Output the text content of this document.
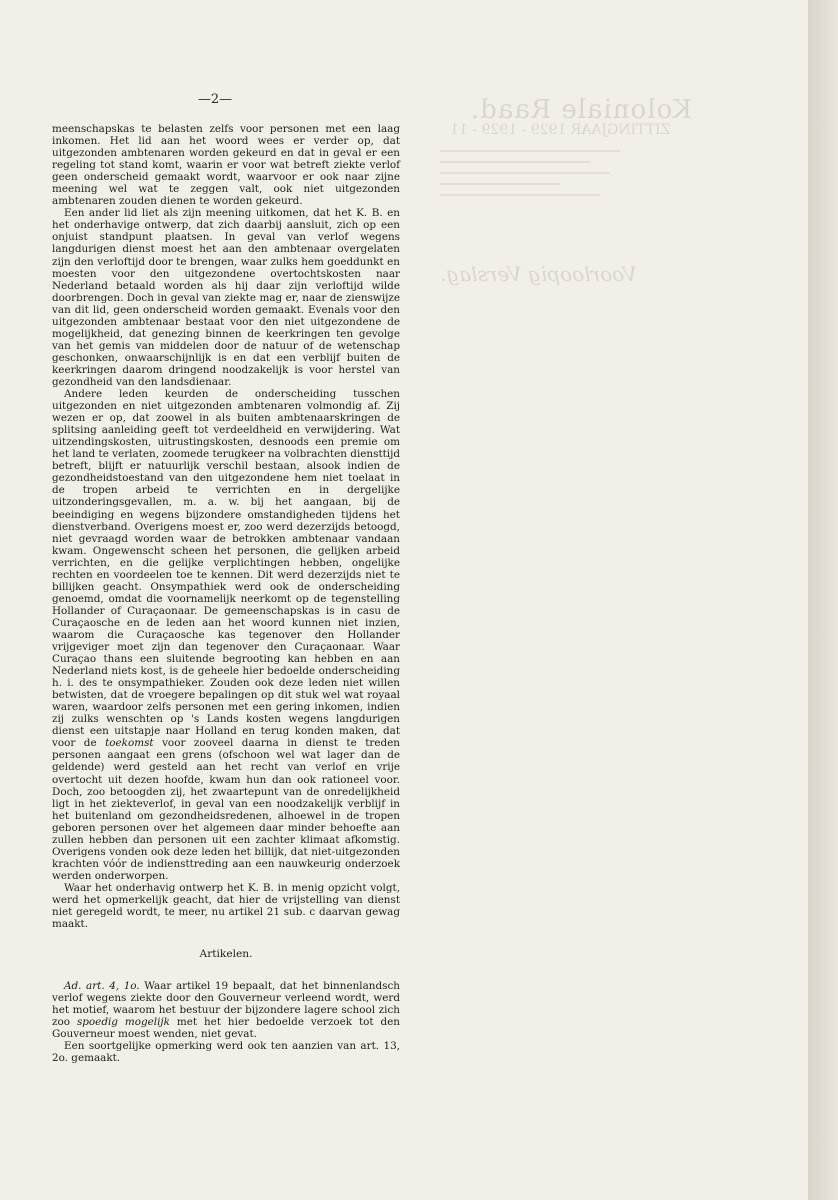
Koloniale Raad.
ZITTINGJAAR 1929 - 1929 - 11
Voorloopig Verslag.
—2—

meenschapskas te belasten zelfs voor personen met een laag inkomen. Het lid aan het woord wees er verder op, dat uitgezonden ambtenaren worden gekeurd en dat in geval er een regeling tot stand komt, waarin er voor wat betreft ziekte verlof geen onderscheid gemaakt wordt, waarvoor er ook naar zijne meening wel wat te zeggen valt, ook niet uitgezonden ambtenaren zouden dienen te worden gekeurd.

Een ander lid liet als zijn meening uitkomen, dat het K. B. en het onderhavige ontwerp, dat zich daarbij aansluit, zich op een onjuist standpunt plaatsen. In geval van verlof wegens langdurigen dienst moest het aan den ambtenaar overgelaten zijn den verloftijd door te brengen, waar zulks hem goeddunkt en moesten voor den uitgezondene overtochtskosten naar Nederland betaald worden als hij daar zijn verloftijd wilde doorbrengen. Doch in geval van ziekte mag er, naar de zienswijze van dit lid, geen onderscheid worden gemaakt. Evenals voor den uitgezonden ambtenaar bestaat voor den niet uitgezondene de mogelijkheid, dat genezing binnen de keerkringen ten gevolge van het gemis van middelen door de natuur of de wetenschap geschonken, onwaarschijnlijk is en dat een verblijf buiten de keerkringen daarom dringend noodzakelijk is voor herstel van gezondheid van den landsdienaar.

Andere leden keurden de onderscheiding tusschen uitgezonden en niet uitgezonden ambtenaren volmondig af. Zij wezen er op, dat zoowel in als buiten ambtenaarskringen de splitsing aanleiding geeft tot verdeeldheid en verwijdering. Wat uitzendingskosten, uitrustingskosten, desnoods een premie om het land te verlaten, zoomede terugkeer na volbrachten diensttijd betreft, blijft er natuurlijk verschil bestaan, alsook indien de gezondheidstoestand van den uitgezondene hem niet toelaat in de tropen arbeid te verrichten en in dergelijke uitzonderingsgevallen, m. a. w. bij het aangaan, bij de beeindiging en wegens bijzondere omstandigheden tijdens het dienstverband. Overigens moest er, zoo werd dezerzijds betoogd, niet gevraagd worden waar de betrokken ambtenaar vandaan kwam. Ongewenscht scheen het personen, die gelijken arbeid verrichten, en die gelijke verplichtingen hebben, ongelijke rechten en voordeelen toe te kennen. Dit werd dezerzijds niet te billijken geacht. Onsympathiek werd ook de onderscheiding genoemd, omdat die voornamelijk neerkomt op de tegenstelling Hollander of Curaçaonaar. De gemeenschapskas is in casu de Curaçaosche en de leden aan het woord kunnen niet inzien, waarom die Curaçaosche kas tegenover den Hollander vrijgeviger moet zijn dan tegenover den Curaçaonaar. Waar Curaçao thans een sluitende begrooting kan hebben en aan Nederland niets kost, is de geheele hier bedoelde onderscheiding h. i. des te onsympathieker. Zouden ook deze leden niet willen betwisten, dat de vroegere bepalingen op dit stuk wel wat royaal waren, waardoor zelfs personen met een gering inkomen, indien zij zulks wenschten op 's Lands kosten wegens langdurigen dienst een uitstapje naar Holland en terug konden maken, dat voor de toekomst voor zooveel daarna in dienst te treden personen aangaat een grens (ofschoon wel wat lager dan de geldende) werd gesteld aan het recht van verlof en vrije overtocht uit dezen hoofde, kwam hun dan ook rationeel voor. Doch, zoo betoogden zij, het zwaartepunt van de onredelijkheid ligt in het ziekteverlof, in geval van een noodzakelijk verblijf in het buitenland om gezondheidsredenen, alhoewel in de tropen geboren personen over het algemeen daar minder behoefte aan zullen hebben dan personen uit een zachter klimaat afkomstig. Overigens vonden ook deze leden het billijk, dat niet-uitgezonden krachten vóór de indiensttreding aan een nauwkeurig onderzoek werden onderworpen.

Waar het onderhavig ontwerp het K. B. in menig opzicht volgt, werd het opmerkelijk geacht, dat hier de vrijstelling van dienst niet geregeld wordt, te meer, nu artikel 21 sub. c daarvan gewag maakt.

Artikelen.

Ad. art. 4, 1o. Waar artikel 19 bepaalt, dat het binnenlandsch verlof wegens ziekte door den Gouverneur verleend wordt, werd het motief, waarom het bestuur der bijzondere lagere school zich zoo spoedig mogelijk met het hier bedoelde verzoek tot den Gouverneur moest wenden, niet gevat.

Een soortgelijke opmerking werd ook ten aanzien van art. 13, 2o. gemaakt.
